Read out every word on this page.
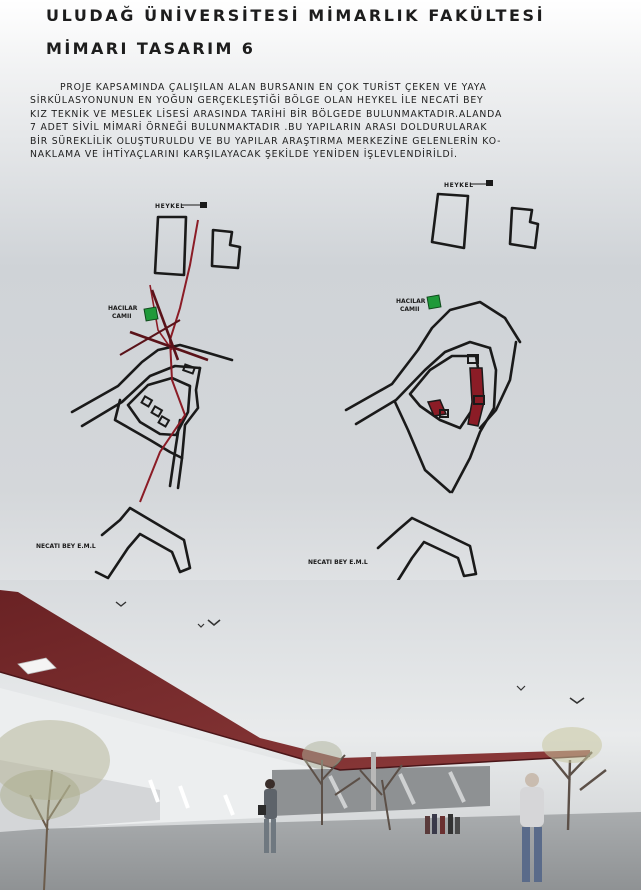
ULUDAĞ ÜNİVERSİTESİ MİMARLIK FAKÜLTESİ
MİMARI TASARIM 6

PROJE KAPSAMINDA ÇALIŞILAN ALAN BURSANIN EN ÇOK TURİST ÇEKEN VE YAYA
SİRKÜLASYONUNUN EN YOĞUN GERÇEKLEŞTİĞİ BÖLGE OLAN HEYKEL İLE NECATİ BEY
KIZ TEKNİK VE MESLEK LİSESİ ARASINDA TARİHİ BİR BÖLGEDE BULUNMAKTADIR.ALANDA
7 ADET SİVİL MİMARİ ÖRNEĞİ BULUNMAKTADIR .BU YAPILARIN ARASI DOLDURULARAK
BİR SÜREKLİLİK OLUŞTURULDU VE BU YAPILAR ARAŞTIRMA MERKEZİNE GELENLERİN KO-
NAKLAMA VE İHTİYAÇLARINI KARŞILAYACAK ŞEKİLDE YENİDEN İŞLEVLENDİRİLDİ.

HEYKEL
HACILAR
CAMII
NECATI BEY E.M.L
HEYKEL
HACILAR
CAMII
NECATI BEY E.M.L
